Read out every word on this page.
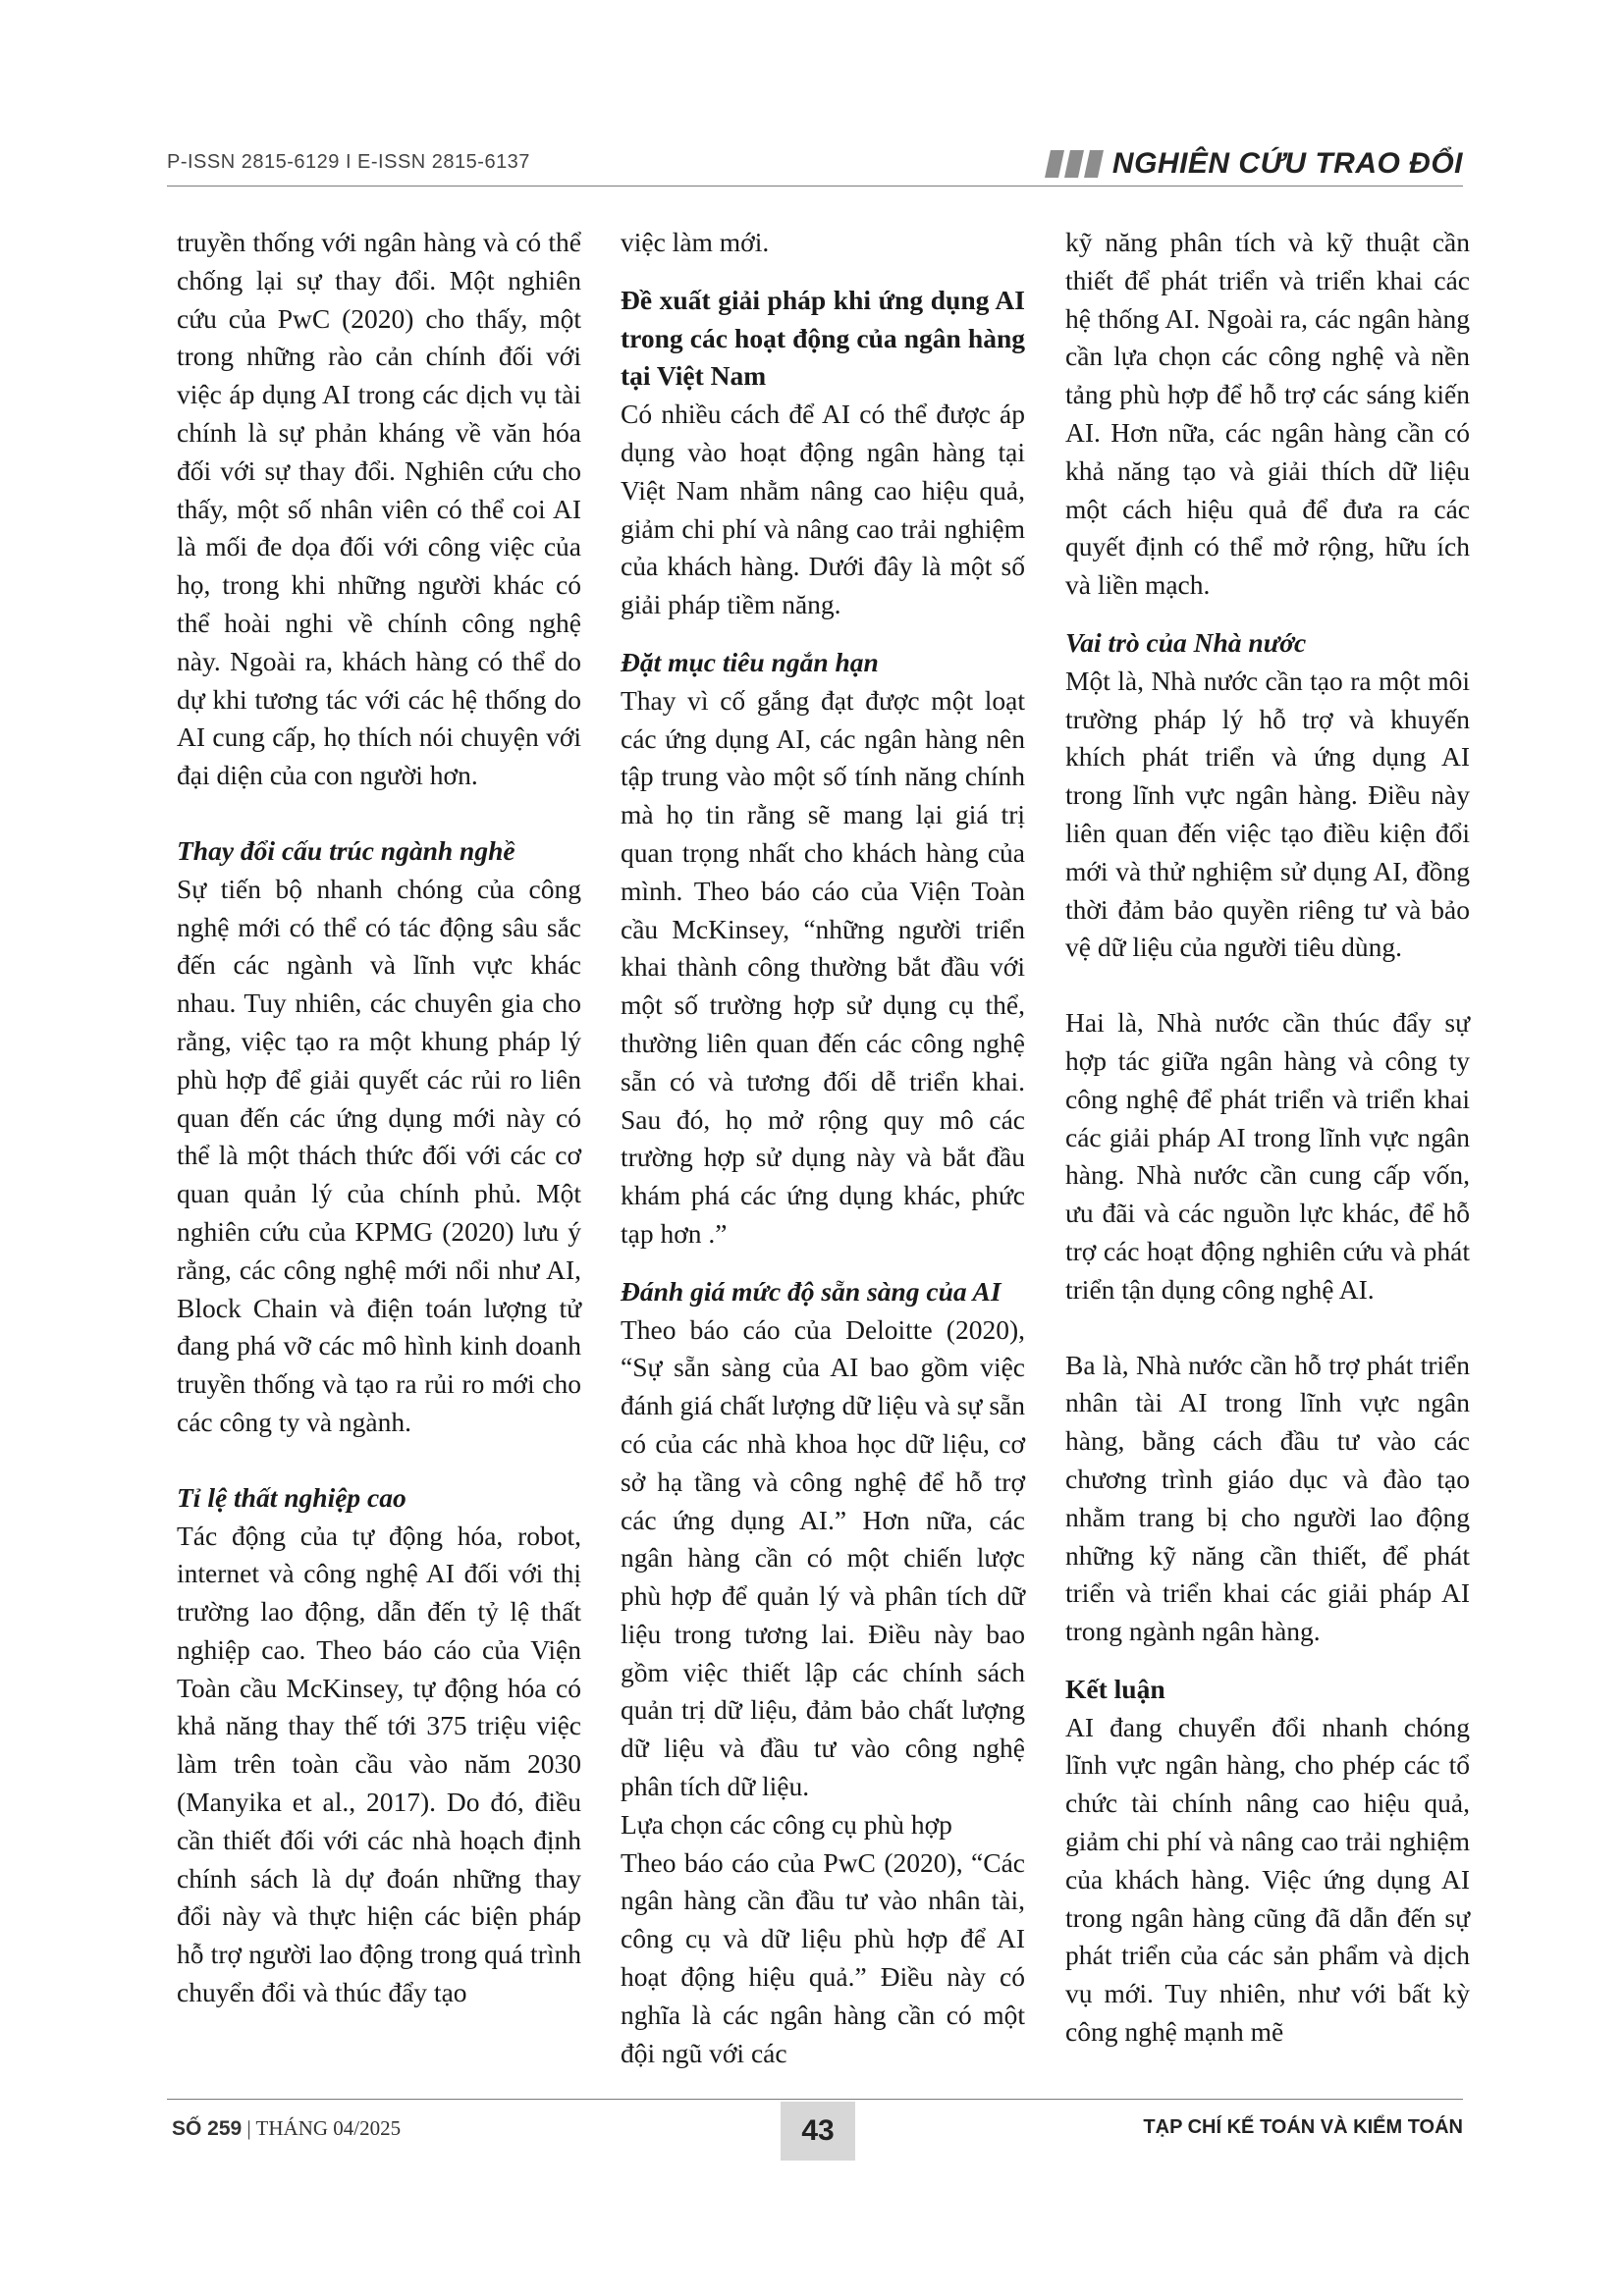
P-ISSN 2815-6129 I E-ISSN 2815-6137	NGHIÊN CỨU TRAO ĐỔI

truyền thống với ngân hàng và có thể chống lại sự thay đổi. Một nghiên cứu của PwC (2020) cho thấy, một trong những rào cản chính đối với việc áp dụng AI trong các dịch vụ tài chính là sự phản kháng về văn hóa đối với sự thay đổi. Nghiên cứu cho thấy, một số nhân viên có thể coi AI là mối đe dọa đối với công việc của họ, trong khi những người khác có thể hoài nghi về chính công nghệ này. Ngoài ra, khách hàng có thể do dự khi tương tác với các hệ thống do AI cung cấp, họ thích nói chuyện với đại diện của con người hơn.

Thay đổi cấu trúc ngành nghề

Sự tiến bộ nhanh chóng của công nghệ mới có thể có tác động sâu sắc đến các ngành và lĩnh vực khác nhau. Tuy nhiên, các chuyên gia cho rằng, việc tạo ra một khung pháp lý phù hợp để giải quyết các rủi ro liên quan đến các ứng dụng mới này có thể là một thách thức đối với các cơ quan quản lý của chính phủ. Một nghiên cứu của KPMG (2020) lưu ý rằng, các công nghệ mới nổi như AI, Block Chain và điện toán lượng tử đang phá vỡ các mô hình kinh doanh truyền thống và tạo ra rủi ro mới cho các công ty và ngành.

Tỉ lệ thất nghiệp cao

Tác động của tự động hóa, robot, internet và công nghệ AI đối với thị trường lao động, dẫn đến tỷ lệ thất nghiệp cao. Theo báo cáo của Viện Toàn cầu McKinsey, tự động hóa có khả năng thay thế tới 375 triệu việc làm trên toàn cầu vào năm 2030 (Manyika et al., 2017). Do đó, điều cần thiết đối với các nhà hoạch định chính sách là dự đoán những thay đổi này và thực hiện các biện pháp hỗ trợ người lao động trong quá trình chuyển đổi và thúc đẩy tạo

việc làm mới.

Đề xuất giải pháp khi ứng dụng AI trong các hoạt động của ngân hàng tại Việt Nam

Có nhiều cách để AI có thể được áp dụng vào hoạt động ngân hàng tại Việt Nam nhằm nâng cao hiệu quả, giảm chi phí và nâng cao trải nghiệm của khách hàng. Dưới đây là một số giải pháp tiềm năng.

Đặt mục tiêu ngắn hạn

Thay vì cố gắng đạt được một loạt các ứng dụng AI, các ngân hàng nên tập trung vào một số tính năng chính mà họ tin rằng sẽ mang lại giá trị quan trọng nhất cho khách hàng của mình. Theo báo cáo của Viện Toàn cầu McKinsey, “những người triển khai thành công thường bắt đầu với một số trường hợp sử dụng cụ thể, thường liên quan đến các công nghệ sẵn có và tương đối dễ triển khai. Sau đó, họ mở rộng quy mô các trường hợp sử dụng này và bắt đầu khám phá các ứng dụng khác, phức tạp hơn .”

Đánh giá mức độ sẵn sàng của AI

Theo báo cáo của Deloitte (2020), “Sự sẵn sàng của AI bao gồm việc đánh giá chất lượng dữ liệu và sự sẵn có của các nhà khoa học dữ liệu, cơ sở hạ tầng và công nghệ để hỗ trợ các ứng dụng AI.” Hơn nữa, các ngân hàng cần có một chiến lược phù hợp để quản lý và phân tích dữ liệu trong tương lai. Điều này bao gồm việc thiết lập các chính sách quản trị dữ liệu, đảm bảo chất lượng dữ liệu và đầu tư vào công nghệ phân tích dữ liệu.

Lựa chọn các công cụ phù hợp

Theo báo cáo của PwC (2020), “Các ngân hàng cần đầu tư vào nhân tài, công cụ và dữ liệu phù hợp để AI hoạt động hiệu quả.” Điều này có nghĩa là các ngân hàng cần có một đội ngũ với các

kỹ năng phân tích và kỹ thuật cần thiết để phát triển và triển khai các hệ thống AI. Ngoài ra, các ngân hàng cần lựa chọn các công nghệ và nền tảng phù hợp để hỗ trợ các sáng kiến AI. Hơn nữa, các ngân hàng cần có khả năng tạo và giải thích dữ liệu một cách hiệu quả để đưa ra các quyết định có thể mở rộng, hữu ích và liền mạch.

Vai trò của Nhà nước

Một là, Nhà nước cần tạo ra một môi trường pháp lý hỗ trợ và khuyến khích phát triển và ứng dụng AI trong lĩnh vực ngân hàng. Điều này liên quan đến việc tạo điều kiện đổi mới và thử nghiệm sử dụng AI, đồng thời đảm bảo quyền riêng tư và bảo vệ dữ liệu của người tiêu dùng.

Hai là, Nhà nước cần thúc đẩy sự hợp tác giữa ngân hàng và công ty công nghệ để phát triển và triển khai các giải pháp AI trong lĩnh vực ngân hàng. Nhà nước cần cung cấp vốn, ưu đãi và các nguồn lực khác, để hỗ trợ các hoạt động nghiên cứu và phát triển tận dụng công nghệ AI.

Ba là, Nhà nước cần hỗ trợ phát triển nhân tài AI trong lĩnh vực ngân hàng, bằng cách đầu tư vào các chương trình giáo dục và đào tạo nhằm trang bị cho người lao động những kỹ năng cần thiết, để phát triển và triển khai các giải pháp AI trong ngành ngân hàng.

Kết luận

AI đang chuyển đổi nhanh chóng lĩnh vực ngân hàng, cho phép các tổ chức tài chính nâng cao hiệu quả, giảm chi phí và nâng cao trải nghiệm của khách hàng. Việc ứng dụng AI trong ngân hàng cũng đã dẫn đến sự phát triển của các sản phẩm và dịch vụ mới. Tuy nhiên, như với bất kỳ công nghệ mạnh mẽ

SỐ 259 | THÁNG 04/2025	43	TẠP CHÍ KẾ TOÁN VÀ KIỂM TOÁN
